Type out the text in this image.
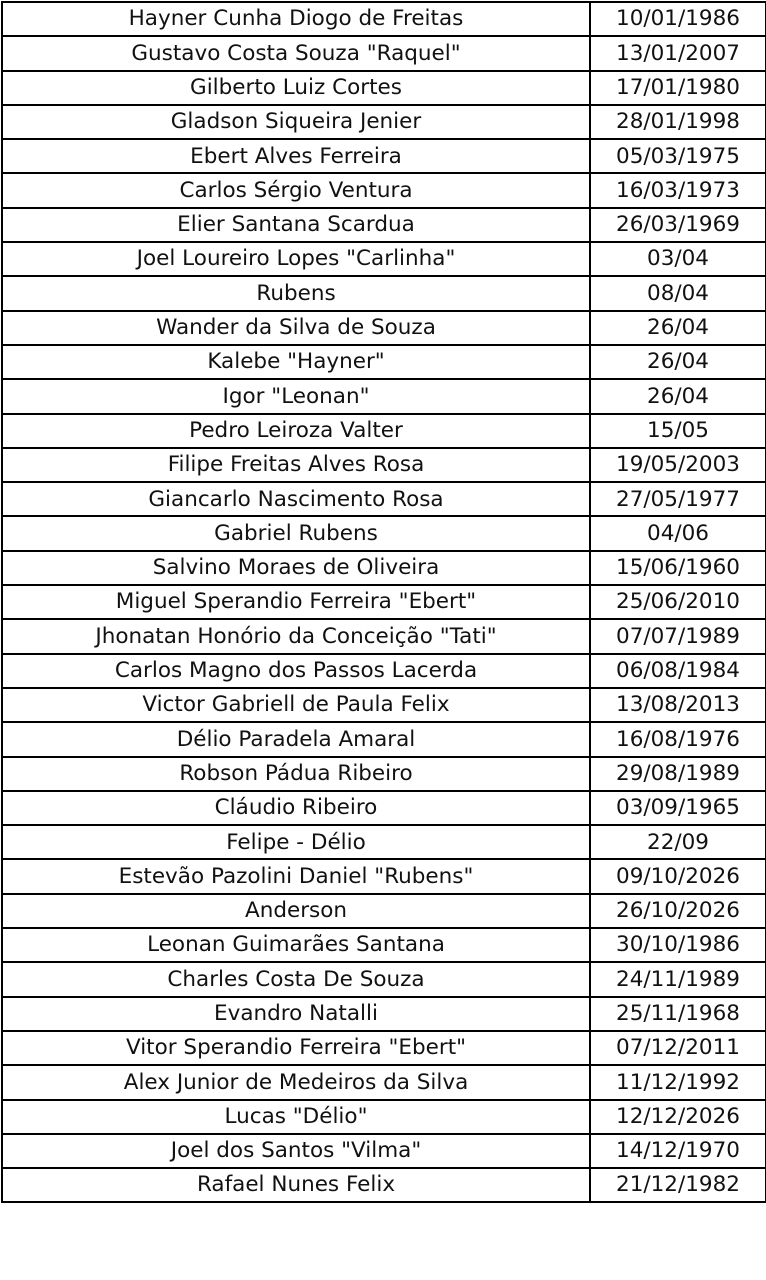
Hayner Cunha Diogo de Freitas	10/01/1986
Gustavo Costa Souza "Raquel"	13/01/2007
Gilberto Luiz Cortes	17/01/1980
Gladson Siqueira Jenier	28/01/1998
Ebert Alves Ferreira	05/03/1975
Carlos Sérgio Ventura	16/03/1973
Elier Santana Scardua	26/03/1969
Joel Loureiro Lopes "Carlinha"	03/04
Rubens	08/04
Wander da Silva de Souza	26/04
Kalebe "Hayner"	26/04
Igor "Leonan"	26/04
Pedro Leiroza Valter	15/05
Filipe Freitas Alves Rosa	19/05/2003
Giancarlo Nascimento Rosa	27/05/1977
Gabriel Rubens	04/06
Salvino Moraes de Oliveira	15/06/1960
Miguel Sperandio Ferreira "Ebert"	25/06/2010
Jhonatan Honório da Conceição "Tati"	07/07/1989
Carlos Magno dos Passos Lacerda	06/08/1984
Victor Gabriell de Paula Felix	13/08/2013
Délio Paradela Amaral	16/08/1976
Robson Pádua Ribeiro	29/08/1989
Cláudio Ribeiro	03/09/1965
Felipe - Délio	22/09
Estevão Pazolini Daniel "Rubens"	09/10/2026
Anderson	26/10/2026
Leonan Guimarães Santana	30/10/1986
Charles Costa De Souza	24/11/1989
Evandro Natalli	25/11/1968
Vitor Sperandio Ferreira "Ebert"	07/12/2011
Alex Junior de Medeiros da Silva	11/12/1992
Lucas "Délio"	12/12/2026
Joel dos Santos "Vilma"	14/12/1970
Rafael Nunes Felix	21/12/1982
